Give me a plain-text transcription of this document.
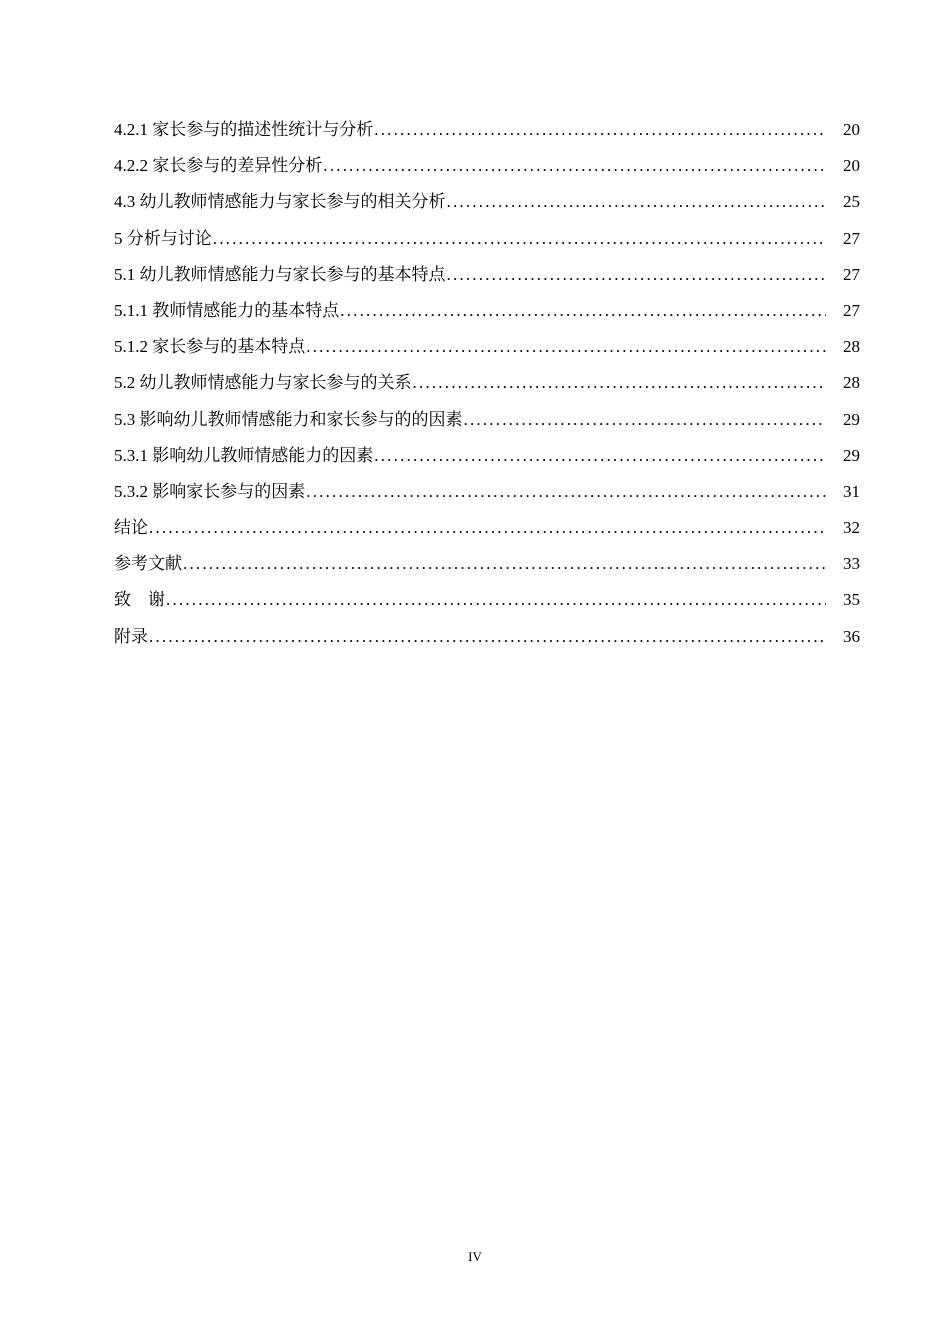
4.2.1 家长参与的描述性统计与分析 .....	20
4.2.2 家长参与的差异性分析 .....	20
4.3 幼儿教师情感能力与家长参与的相关分析 .....	25
5 分析与讨论 .....	27
5.1 幼儿教师情感能力与家长参与的基本特点 .....	27
5.1.1 教师情感能力的基本特点 .....	27
5.1.2 家长参与的基本特点 .....	28
5.2 幼儿教师情感能力与家长参与的关系 .....	28
5.3 影响幼儿教师情感能力和家长参与的的因素 .....	29
5.3.1 影响幼儿教师情感能力的因素 .....	29
5.3.2 影响家长参与的因素 .....	31
结论 .....	32
参考文献 .....	33
致    谢 .....	35
附录 .....	36
IV
